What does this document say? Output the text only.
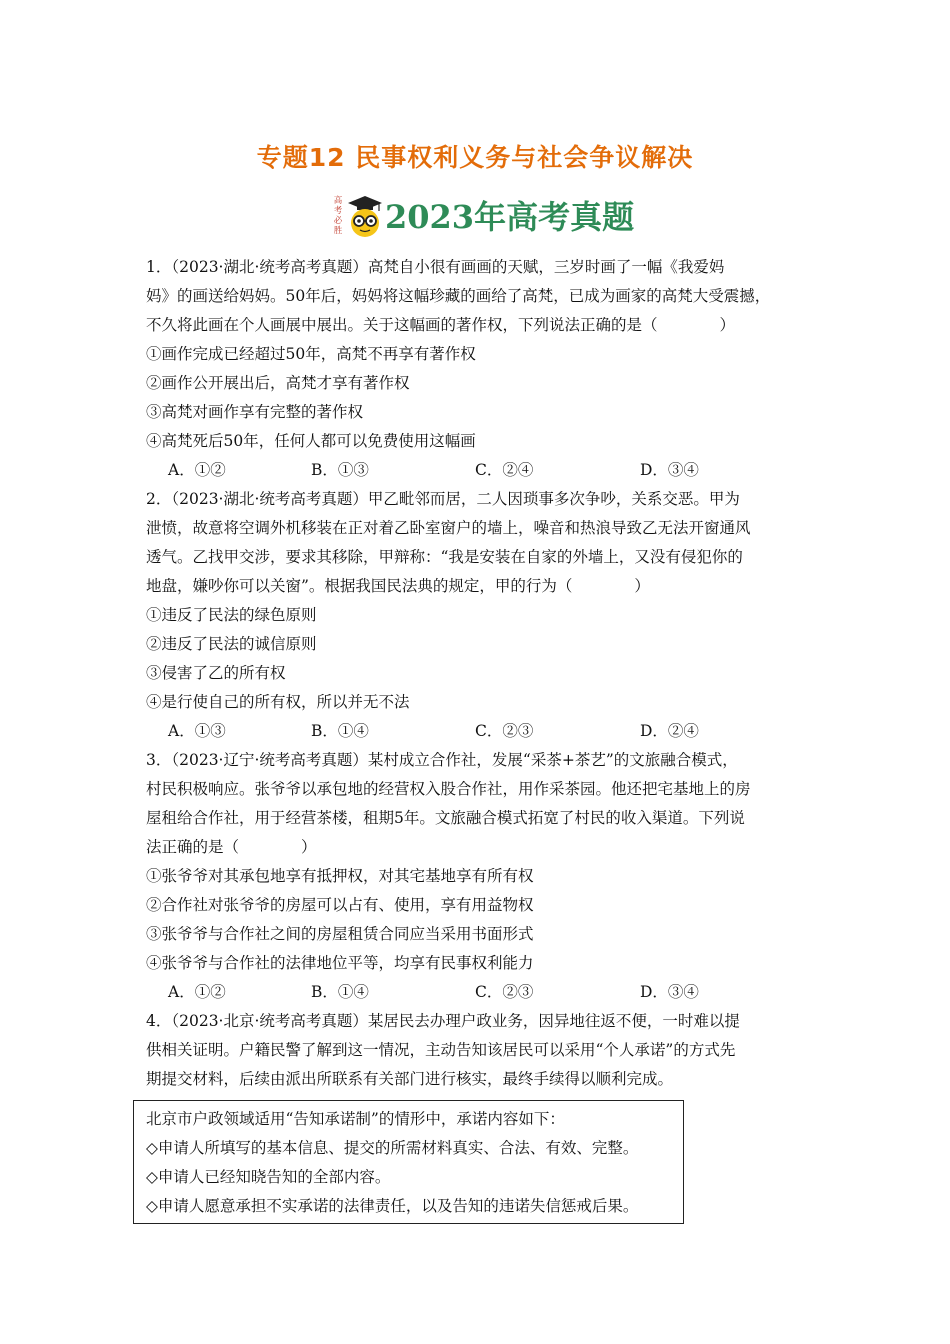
专题12 民事权利义务与社会争议解决
高
考
必
胜 2023年高考真题

1．（2023·湖北·统考高考真题）高梵自小很有画画的天赋，三岁时画了一幅《我爱妈

妈》的画送给妈妈。50年后，妈妈将这幅珍藏的画给了高梵，已成为画家的高梵大受震撼，

不久将此画在个人画展中展出。关于这幅画的著作权，下列说法正确的是（　　　　）

①画作完成已经超过50年，高梵不再享有著作权

②画作公开展出后，高梵才享有著作权

③高梵对画作享有完整的著作权

④高梵死后50年，任何人都可以免费使用这幅画

A．①②	B．①③	C．②④	D．③④

2．（2023·湖北·统考高考真题）甲乙毗邻而居，二人因琐事多次争吵，关系交恶。甲为

泄愤，故意将空调外机移装在正对着乙卧室窗户的墙上，噪音和热浪导致乙无法开窗通风

透气。乙找甲交涉，要求其移除，甲辩称：“我是安装在自家的外墙上，又没有侵犯你的

地盘，嫌吵你可以关窗”。根据我国民法典的规定，甲的行为（　　　　）

①违反了民法的绿色原则

②违反了民法的诚信原则

③侵害了乙的所有权

④是行使自己的所有权，所以并无不法

A．①③	B．①④	C．②③	D．②④

3．（2023·辽宁·统考高考真题）某村成立合作社，发展“采茶+茶艺”的文旅融合模式，

村民积极响应。张爷爷以承包地的经营权入股合作社，用作采茶园。他还把宅基地上的房

屋租给合作社，用于经营茶楼，租期5年。文旅融合模式拓宽了村民的收入渠道。下列说

法正确的是（　　　　）

①张爷爷对其承包地享有抵押权，对其宅基地享有所有权

②合作社对张爷爷的房屋可以占有、使用，享有用益物权

③张爷爷与合作社之间的房屋租赁合同应当采用书面形式

④张爷爷与合作社的法律地位平等，均享有民事权利能力

A．①②	B．①④	C．②③	D．③④

4．（2023·北京·统考高考真题）某居民去办理户政业务，因异地往返不便，一时难以提

供相关证明。户籍民警了解到这一情况，主动告知该居民可以采用“个人承诺”的方式先

期提交材料，后续由派出所联系有关部门进行核实，最终手续得以顺利完成。

北京市户政领域适用“告知承诺制”的情形中，承诺内容如下：

◇申请人所填写的基本信息、提交的所需材料真实、合法、有效、完整。

◇申请人已经知晓告知的全部内容。

◇申请人愿意承担不实承诺的法律责任，以及告知的违诺失信惩戒后果。
